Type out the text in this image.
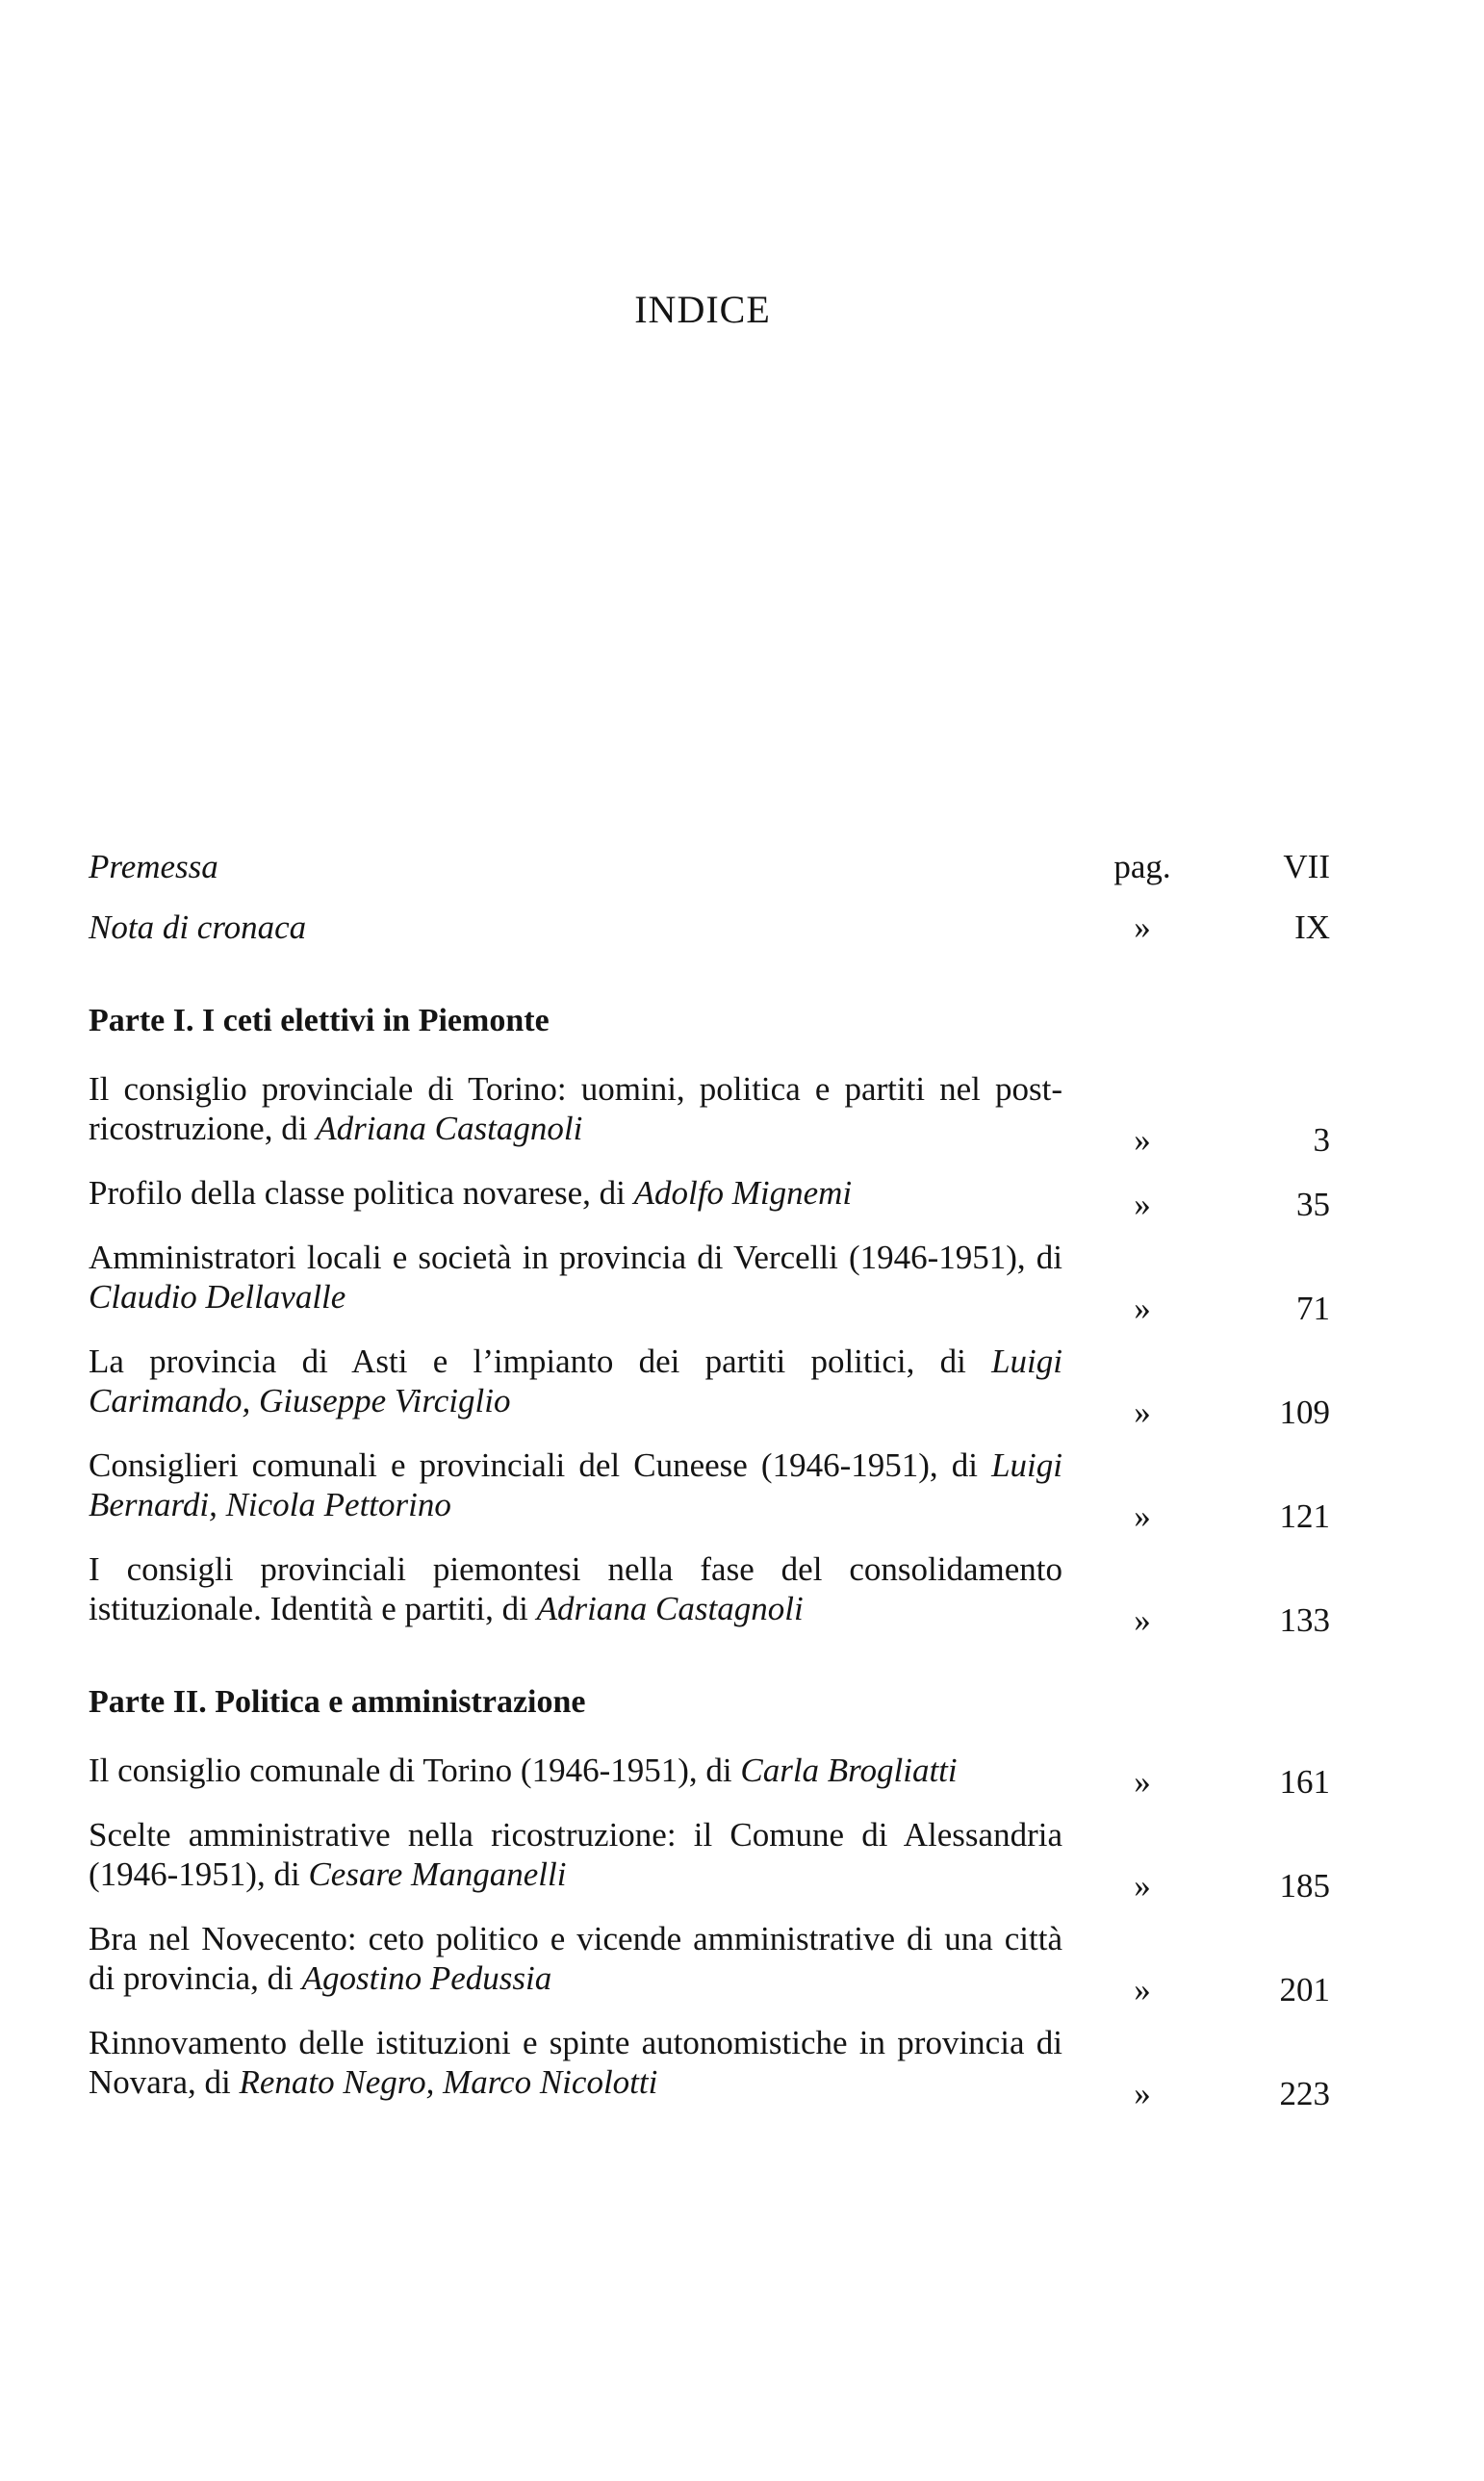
INDICE
Premessa	pag.	VII
Nota di cronaca	»	IX
Parte I. I ceti elettivi in Piemonte
Il consiglio provinciale di Torino: uomini, politica e partiti nel post-ricostruzione, di Adriana Castagnoli	»	3
Profilo della classe politica novarese, di Adolfo Mignemi	»	35
Amministratori locali e società in provincia di Vercelli (1946-1951), di Claudio Dellavalle	»	71
La provincia di Asti e l’impianto dei partiti politici, di Luigi Carimando, Giuseppe Virciglio	»	109
Consiglieri comunali e provinciali del Cuneese (1946-1951), di Luigi Bernardi, Nicola Pettorino	»	121
I consigli provinciali piemontesi nella fase del consolidamento istituzionale. Identità e partiti, di Adriana Castagnoli	»	133
Parte II. Politica e amministrazione
Il consiglio comunale di Torino (1946-1951), di Carla Brogliatti	»	161
Scelte amministrative nella ricostruzione: il Comune di Alessandria (1946-1951), di Cesare Manganelli	»	185
Bra nel Novecento: ceto politico e vicende amministrative di una città di provincia, di Agostino Pedussia	»	201
Rinnovamento delle istituzioni e spinte autonomistiche in provincia di Novara, di Renato Negro, Marco Nicolotti	»	223
